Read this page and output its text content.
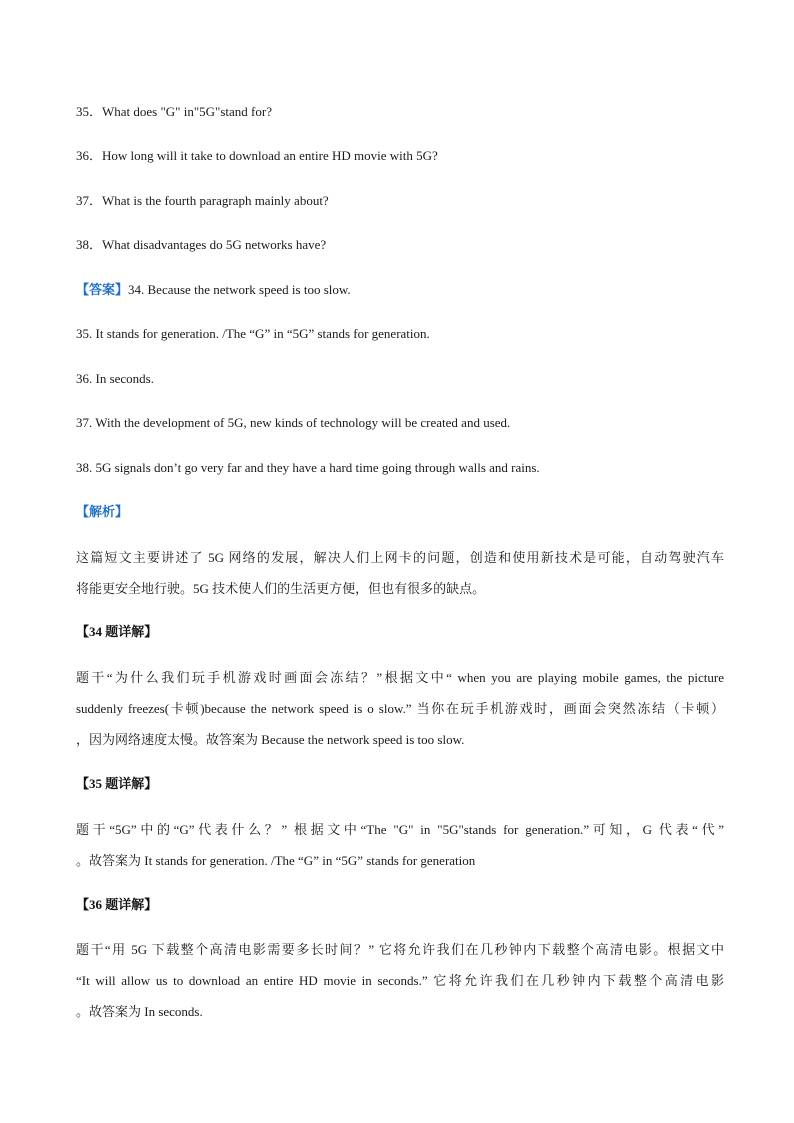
35．What does "G" in"5G"stand for?
36．How long will it take to download an entire HD movie with 5G?
37．What is the fourth paragraph mainly about?
38．What disadvantages do 5G networks have?
【答案】34. Because the network speed is too slow.
35. It stands for generation. /The “G” in “5G” stands for generation.
36. In seconds.
37. With the development of 5G, new kinds of technology will be created and used.
38. 5G signals don’t go very far and they have a hard time going through walls and rains.
【解析】
这篇短文主要讲述了 5G 网络的发展，解决人们上网卡的问题，创造和使用新技术是可能，自动驾驶汽车
将能更安全地行驶。5G 技术使人们的生活更方便，但也有很多的缺点。
【34 题详解】
题干“为什么我们玩手机游戏时画面会冻结？”根据文中“ when you are playing mobile games, the picture
suddenly freezes(卡顿)because the network speed is o slow.” 当你在玩手机游戏时，画面会突然冻结（卡顿）
，因为网络速度太慢。故答案为 Because the network speed is too slow.
【35 题详解】
题干“5G”中的“G”代表什么？” 根据文中“The "G" in "5G"stands for generation.”可知，G 代表“代”
。故答案为 It stands for generation. /The “G” in “5G” stands for generation
【36 题详解】
题干“用 5G 下载整个高清电影需要多长时间？” 它将允许我们在几秒钟内下载整个高清电影。根据文中
“It will allow us to download an entire HD movie in seconds.” 它将允许我们在几秒钟内下载整个高清电影
。故答案为 In seconds.
